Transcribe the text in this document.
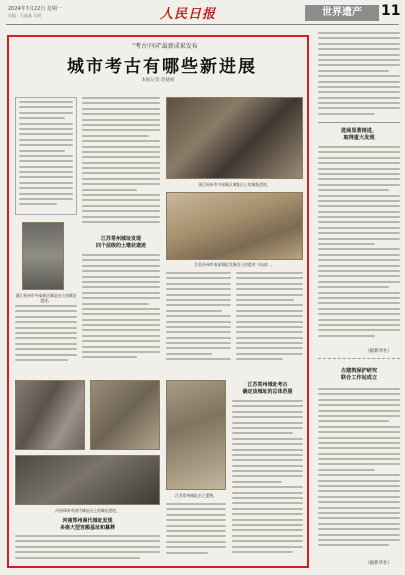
2024年7月22日 星期一
责编：石晶晶 吴阳	人民日报	世界遗产	11
"考古中国"最新成果发布
城市考古有哪些新进展
本报记者 赵晓丽
浙江杭州市中部新区城址出土的城址遗迹。
江苏常州城址发现
四个层级的土墩状遗迹
浙江杭州市中部新区城址出土的城址遗迹。
江苏苏州市南部城址发掘出土的遗迹（局部）。
河南郑州市商代城址出土的城址遗迹。
河南郑州商代城址发现
多座大型宫殿基址和墓葬
江苏常州城址出土遗物。
江苏常州城址考古
确定该城址的总体范围
进展显著推进，
取得重大发现
（据新华社）
古建筑保护研究
联合工作站成立
（据新华社）
